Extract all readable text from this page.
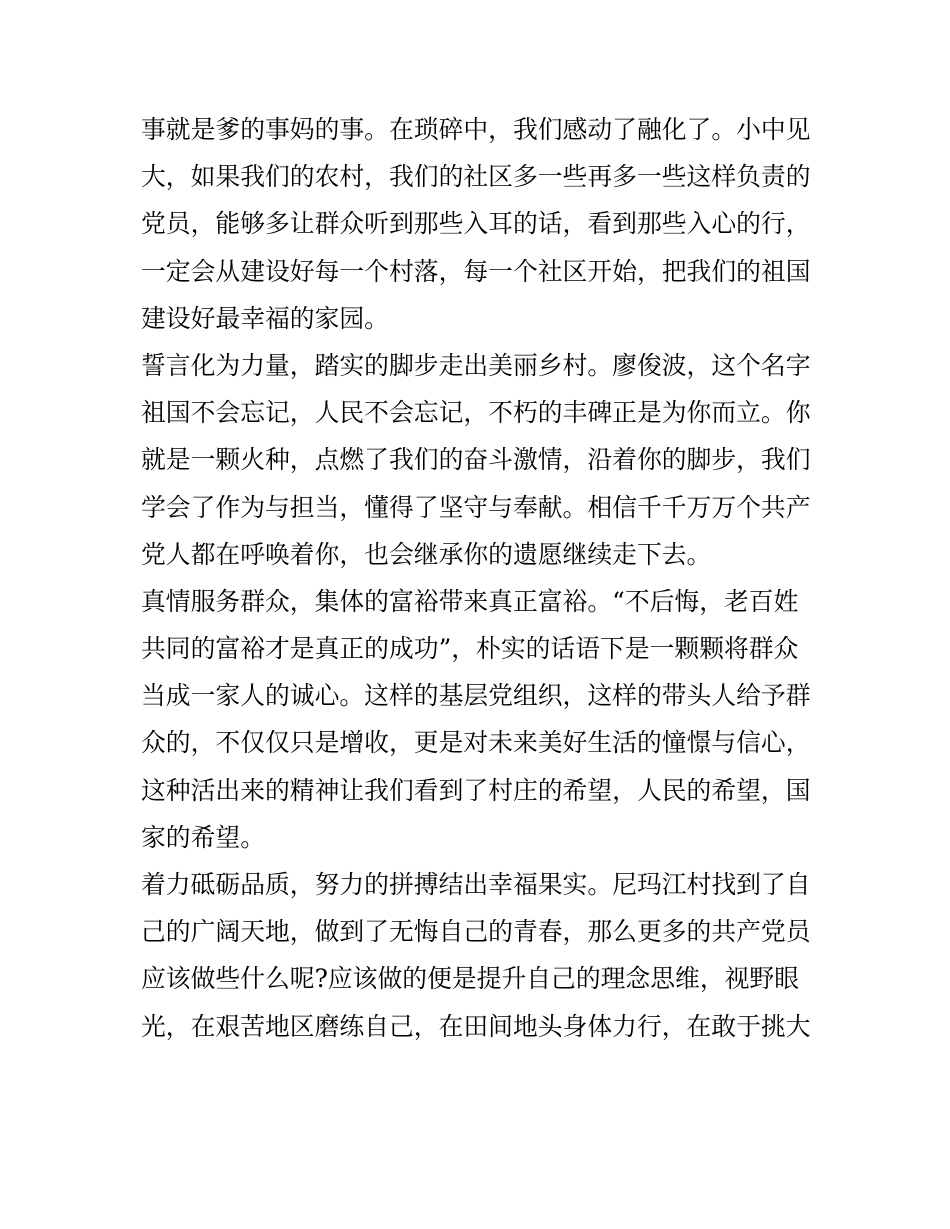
事就是爹的事妈的事。在琐碎中，我们感动了融化了。小中见
大，如果我们的农村，我们的社区多一些再多一些这样负责的
党员，能够多让群众听到那些入耳的话，看到那些入心的行，
一定会从建设好每一个村落，每一个社区开始，把我们的祖国
建设好最幸福的家园。
誓言化为力量，踏实的脚步走出美丽乡村。廖俊波，这个名字
祖国不会忘记，人民不会忘记，不朽的丰碑正是为你而立。你
就是一颗火种，点燃了我们的奋斗激情，沿着你的脚步，我们
学会了作为与担当，懂得了坚守与奉献。相信千千万万个共产
党人都在呼唤着你，也会继承你的遗愿继续走下去。
真情服务群众，集体的富裕带来真正富裕。“不后悔，老百姓
共同的富裕才是真正的成功”，朴实的话语下是一颗颗将群众
当成一家人的诚心。这样的基层党组织，这样的带头人给予群
众的，不仅仅只是增收，更是对未来美好生活的憧憬与信心，
这种活出来的精神让我们看到了村庄的希望，人民的希望，国
家的希望。
着力砥砺品质，努力的拼搏结出幸福果实。尼玛江村找到了自
己的广阔天地，做到了无悔自己的青春，那么更多的共产党员
应该做些什么呢?应该做的便是提升自己的理念思维，视野眼
光，在艰苦地区磨练自己，在田间地头身体力行，在敢于挑大
